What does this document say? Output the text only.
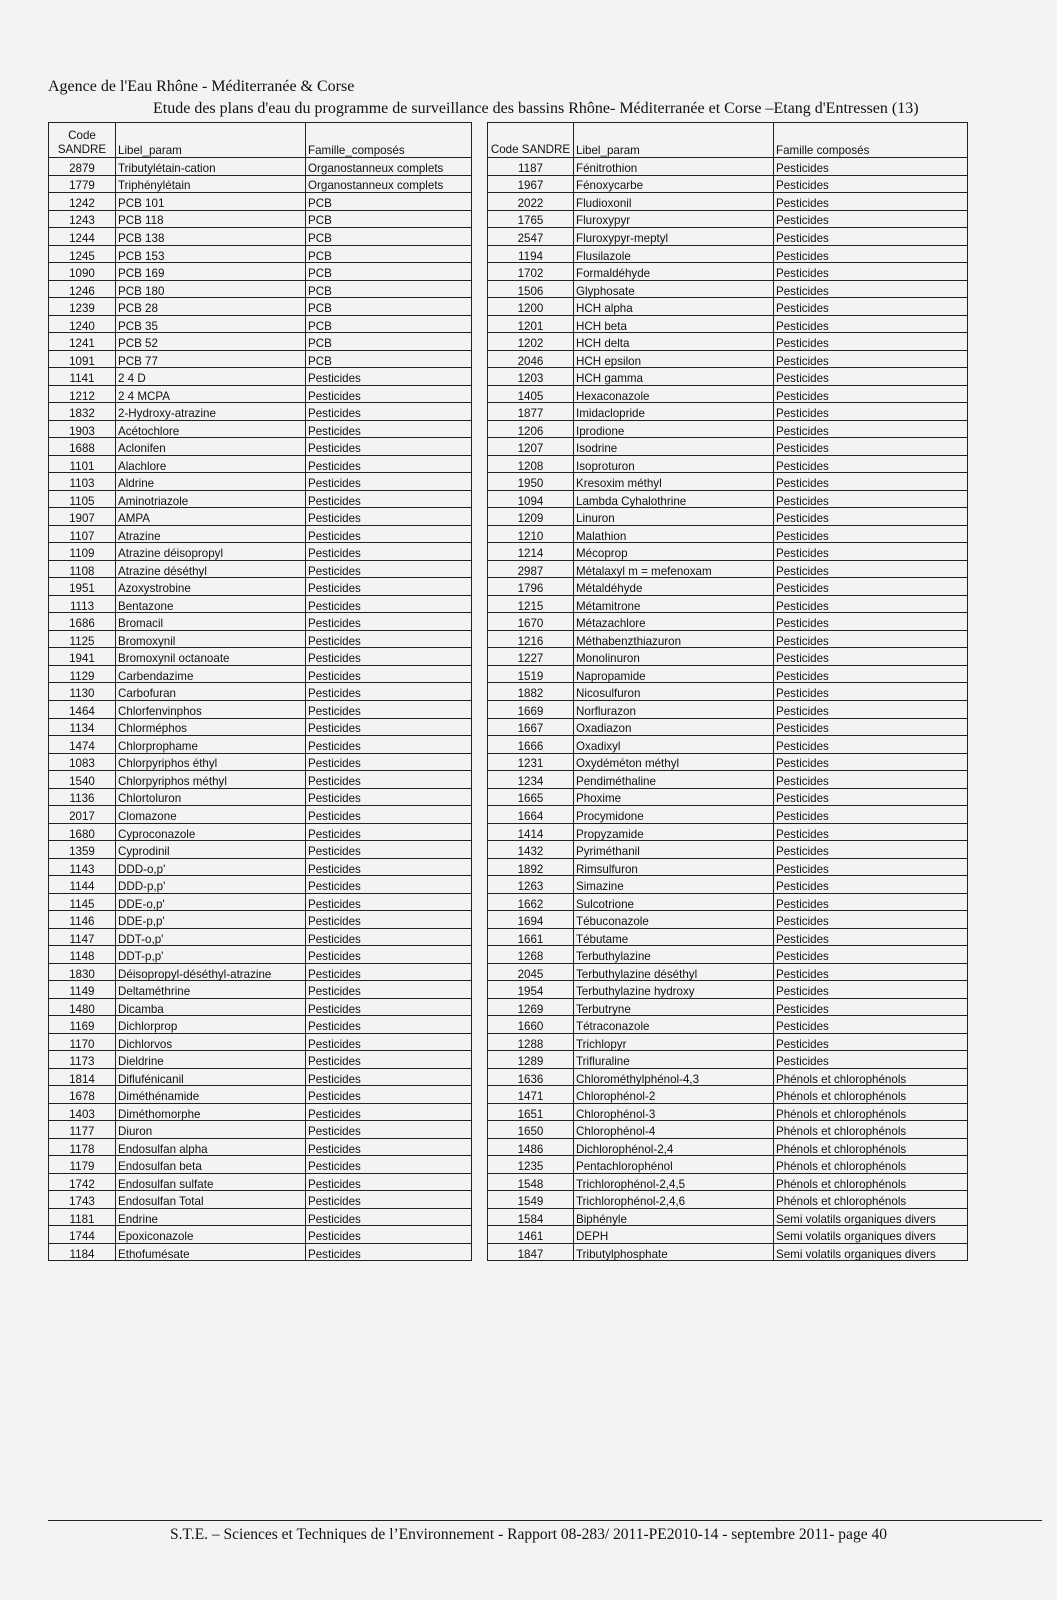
Agence de l'Eau Rhône - Méditerranée & Corse
Etude des plans d'eau du programme de surveillance des bassins Rhône- Méditerranée et Corse –Etang d'Entressen (13)
Code SANDRE	Libel_param	Famille_composés
2879	Tributylétain-cation	Organostanneux complets
1779	Triphénylétain	Organostanneux complets
1242	PCB 101	PCB
1243	PCB 118	PCB
1244	PCB 138	PCB
1245	PCB 153	PCB
1090	PCB 169	PCB
1246	PCB 180	PCB
1239	PCB 28	PCB
1240	PCB 35	PCB
1241	PCB 52	PCB
1091	PCB 77	PCB
1141	2 4 D	Pesticides
1212	2 4 MCPA	Pesticides
1832	2-Hydroxy-atrazine	Pesticides
1903	Acétochlore	Pesticides
1688	Aclonifen	Pesticides
1101	Alachlore	Pesticides
1103	Aldrine	Pesticides
1105	Aminotriazole	Pesticides
1907	AMPA	Pesticides
1107	Atrazine	Pesticides
1109	Atrazine déisopropyl	Pesticides
1108	Atrazine déséthyl	Pesticides
1951	Azoxystrobine	Pesticides
1113	Bentazone	Pesticides
1686	Bromacil	Pesticides
1125	Bromoxynil	Pesticides
1941	Bromoxynil octanoate	Pesticides
1129	Carbendazime	Pesticides
1130	Carbofuran	Pesticides
1464	Chlorfenvinphos	Pesticides
1134	Chlorméphos	Pesticides
1474	Chlorprophame	Pesticides
1083	Chlorpyriphos éthyl	Pesticides
1540	Chlorpyriphos méthyl	Pesticides
1136	Chlortoluron	Pesticides
2017	Clomazone	Pesticides
1680	Cyproconazole	Pesticides
1359	Cyprodinil	Pesticides
1143	DDD-o,p'	Pesticides
1144	DDD-p,p'	Pesticides
1145	DDE-o,p'	Pesticides
1146	DDE-p,p'	Pesticides
1147	DDT-o,p'	Pesticides
1148	DDT-p,p'	Pesticides
1830	Déisopropyl-déséthyl-atrazine	Pesticides
1149	Deltaméthrine	Pesticides
1480	Dicamba	Pesticides
1169	Dichlorprop	Pesticides
1170	Dichlorvos	Pesticides
1173	Dieldrine	Pesticides
1814	Diflufénicanil	Pesticides
1678	Diméthénamide	Pesticides
1403	Diméthomorphe	Pesticides
1177	Diuron	Pesticides
1178	Endosulfan alpha	Pesticides
1179	Endosulfan beta	Pesticides
1742	Endosulfan sulfate	Pesticides
1743	Endosulfan Total	Pesticides
1181	Endrine	Pesticides
1744	Epoxiconazole	Pesticides
1184	Ethofumésate	Pesticides
Code SANDRE	Libel_param	Famille composés
1187	Fénitrothion	Pesticides
1967	Fénoxycarbe	Pesticides
2022	Fludioxonil	Pesticides
1765	Fluroxypyr	Pesticides
2547	Fluroxypyr-meptyl	Pesticides
1194	Flusilazole	Pesticides
1702	Formaldéhyde	Pesticides
1506	Glyphosate	Pesticides
1200	HCH alpha	Pesticides
1201	HCH beta	Pesticides
1202	HCH delta	Pesticides
2046	HCH epsilon	Pesticides
1203	HCH gamma	Pesticides
1405	Hexaconazole	Pesticides
1877	Imidaclopride	Pesticides
1206	Iprodione	Pesticides
1207	Isodrine	Pesticides
1208	Isoproturon	Pesticides
1950	Kresoxim méthyl	Pesticides
1094	Lambda Cyhalothrine	Pesticides
1209	Linuron	Pesticides
1210	Malathion	Pesticides
1214	Mécoprop	Pesticides
2987	Métalaxyl m = mefenoxam	Pesticides
1796	Métaldéhyde	Pesticides
1215	Métamitrone	Pesticides
1670	Métazachlore	Pesticides
1216	Méthabenzthiazuron	Pesticides
1227	Monolinuron	Pesticides
1519	Napropamide	Pesticides
1882	Nicosulfuron	Pesticides
1669	Norflurazon	Pesticides
1667	Oxadiazon	Pesticides
1666	Oxadixyl	Pesticides
1231	Oxydéméton méthyl	Pesticides
1234	Pendiméthaline	Pesticides
1665	Phoxime	Pesticides
1664	Procymidone	Pesticides
1414	Propyzamide	Pesticides
1432	Pyriméthanil	Pesticides
1892	Rimsulfuron	Pesticides
1263	Simazine	Pesticides
1662	Sulcotrione	Pesticides
1694	Tébuconazole	Pesticides
1661	Tébutame	Pesticides
1268	Terbuthylazine	Pesticides
2045	Terbuthylazine déséthyl	Pesticides
1954	Terbuthylazine hydroxy	Pesticides
1269	Terbutryne	Pesticides
1660	Tétraconazole	Pesticides
1288	Trichlopyr	Pesticides
1289	Trifluraline	Pesticides
1636	Chlorométhylphénol-4,3	Phénols et chlorophénols
1471	Chlorophénol-2	Phénols et chlorophénols
1651	Chlorophénol-3	Phénols et chlorophénols
1650	Chlorophénol-4	Phénols et chlorophénols
1486	Dichlorophénol-2,4	Phénols et chlorophénols
1235	Pentachlorophénol	Phénols et chlorophénols
1548	Trichlorophénol-2,4,5	Phénols et chlorophénols
1549	Trichlorophénol-2,4,6	Phénols et chlorophénols
1584	Biphényle	Semi volatils organiques divers
1461	DEPH	Semi volatils organiques divers
1847	Tributylphosphate	Semi volatils organiques divers
S.T.E. – Sciences et Techniques de l’Environnement - Rapport 08-283/ 2011-PE2010-14 - septembre 2011- page 40
